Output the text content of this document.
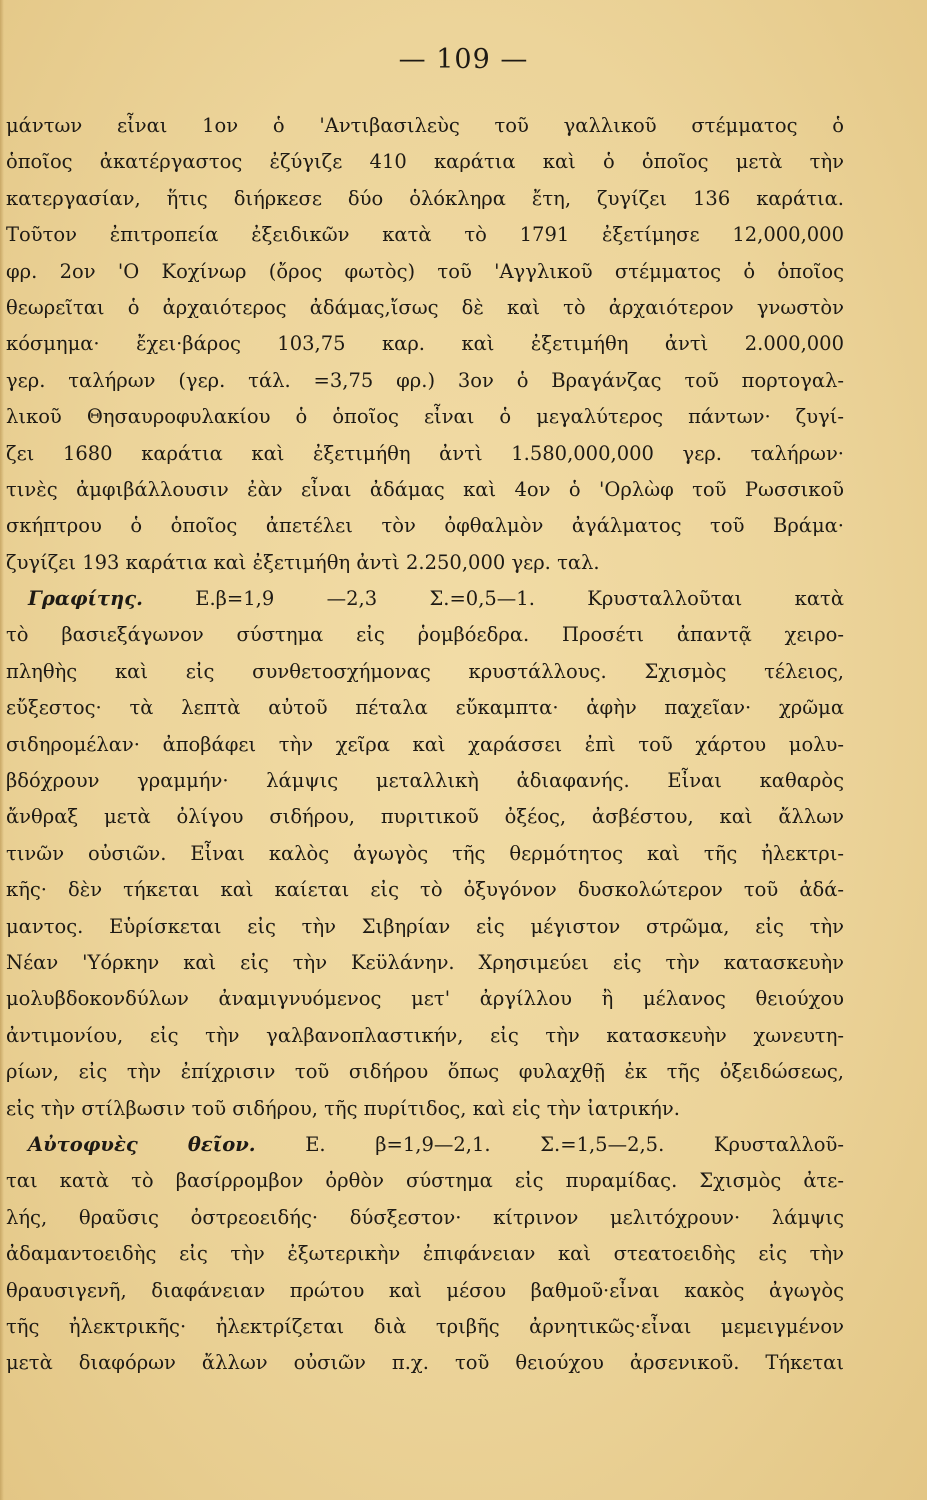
— 109 —
μάντων εἶναι 1ον ὁ 'Αντιβασιλεὺς τοῦ γαλλικοῦ στέμματος ὁ
ὁποῖος ἀκατέργαστος ἐζύγιζε 410 καράτια καὶ ὁ ὁποῖος μετὰ τὴν
κατεργασίαν, ἥτις διήρκεσε δύο ὁλόκληρα ἔτη, ζυγίζει 136 καράτια.
Τοῦτον ἐπιτροπεία ἐξειδικῶν κατὰ τὸ 1791 ἐξετίμησε 12,000,000
φρ. 2ον 'Ο Κοχίνωρ (ὄρος φωτὸς) τοῦ 'Αγγλικοῦ στέμματος ὁ ὁποῖος
θεωρεῖται ὁ ἀρχαιότερος ἀδάμας,ἴσως δὲ καὶ τὸ ἀρχαιότερον γνωστὸν
κόσμημα· ἔχει·βάρος 103,75 καρ. καὶ ἐξετιμήθη ἀντὶ 2.000,000
γερ. ταλήρων (γερ. τάλ. =3,75 φρ.) 3ον ὁ Βραγάνζας τοῦ πορτογαλ-
λικοῦ Θησαυροφυλακίου ὁ ὁποῖος εἶναι ὁ μεγαλύτερος πάντων· ζυγί-
ζει 1680 καράτια καὶ ἐξετιμήθη ἀντὶ 1.580,000,000 γερ. ταλήρων·
τινὲς ἀμφιβάλλουσιν ἐὰν εἶναι ἀδάμας καὶ 4ον ὁ 'Ορλὼφ τοῦ Ρωσσικοῦ
σκήπτρου ὁ ὁποῖος ἀπετέλει τὸν ὀφθαλμὸν ἀγάλματος τοῦ Βράμα·
ζυγίζει 193 καράτια καὶ ἐξετιμήθη ἀντὶ 2.250,000 γερ. ταλ.
Γραφίτης. Ε.β=1,9 —2,3 Σ.=0,5—1. Κρυσταλλοῦται κατὰ
τὸ βασιεξάγωνον σύστημα εἰς ῥομβόεδρα. Προσέτι ἀπαντᾷ χειρο-
πληθὴς καὶ εἰς συνθετοσχήμονας κρυστάλλους. Σχισμὸς τέλειος,
εὔξεστος· τὰ λεπτὰ αὐτοῦ πέταλα εὔκαμπτα· ἁφὴν παχεῖαν· χρῶμα
σιδηρομέλαν· ἀποβάφει τὴν χεῖρα καὶ χαράσσει ἐπὶ τοῦ χάρτου μολυ-
βδόχρουν γραμμήν· λάμψις μεταλλικὴ ἀδιαφανής. Εἶναι καθαρὸς
ἄνθραξ μετὰ ὀλίγου σιδήρου, πυριτικοῦ ὀξέος, ἀσβέστου, καὶ ἄλλων
τινῶν οὐσιῶν. Εἶναι καλὸς ἀγωγὸς τῆς θερμότητος καὶ τῆς ἠλεκτρι-
κῆς· δὲν τήκεται καὶ καίεται εἰς τὸ ὀξυγόνον δυσκολώτερον τοῦ ἀδά-
μαντος. Εὑρίσκεται εἰς τὴν Σιβηρίαν εἰς μέγιστον στρῶμα, εἰς τὴν
Νέαν 'Υόρκην καὶ εἰς τὴν Κεϋλάνην. Χρησιμεύει εἰς τὴν κατασκευὴν
μολυβδοκονδύλων ἀναμιγνυόμενος μετ' ἀργίλλου ἢ μέλανος θειούχου
ἀντιμονίου, εἰς τὴν γαλβανοπλαστικήν, εἰς τὴν κατασκευὴν χωνευτη-
ρίων, εἰς τὴν ἐπίχρισιν τοῦ σιδήρου ὅπως φυλαχθῇ ἐκ τῆς ὀξειδώσεως,
εἰς τὴν στίλβωσιν τοῦ σιδήρου, τῆς πυρίτιδος, καὶ εἰς τὴν ἰατρικήν.
Αὐτοφυὲς θεῖον. Ε. β=1,9—2,1. Σ.=1,5—2,5. Κρυσταλλοῦ-
ται κατὰ τὸ βασίρρομβον ὀρθὸν σύστημα εἰς πυραμίδας. Σχισμὸς ἀτε-
λής, θραῦσις ὀστρεοειδής· δύσξεστον· κίτρινον μελιτόχρουν· λάμψις
ἀδαμαντοειδὴς εἰς τὴν ἐξωτερικὴν ἐπιφάνειαν καὶ στεατοειδὴς εἰς τὴν
θραυσιγενῆ, διαφάνειαν πρώτου καὶ μέσου βαθμοῦ·εἶναι κακὸς ἀγωγὸς
τῆς ἠλεκτρικῆς· ἠλεκτρίζεται διὰ τριβῆς ἀρνητικῶς·εἶναι μεμειγμένον
μετὰ διαφόρων ἄλλων οὐσιῶν π.χ. τοῦ θειούχου ἀρσενικοῦ. Τήκεται
